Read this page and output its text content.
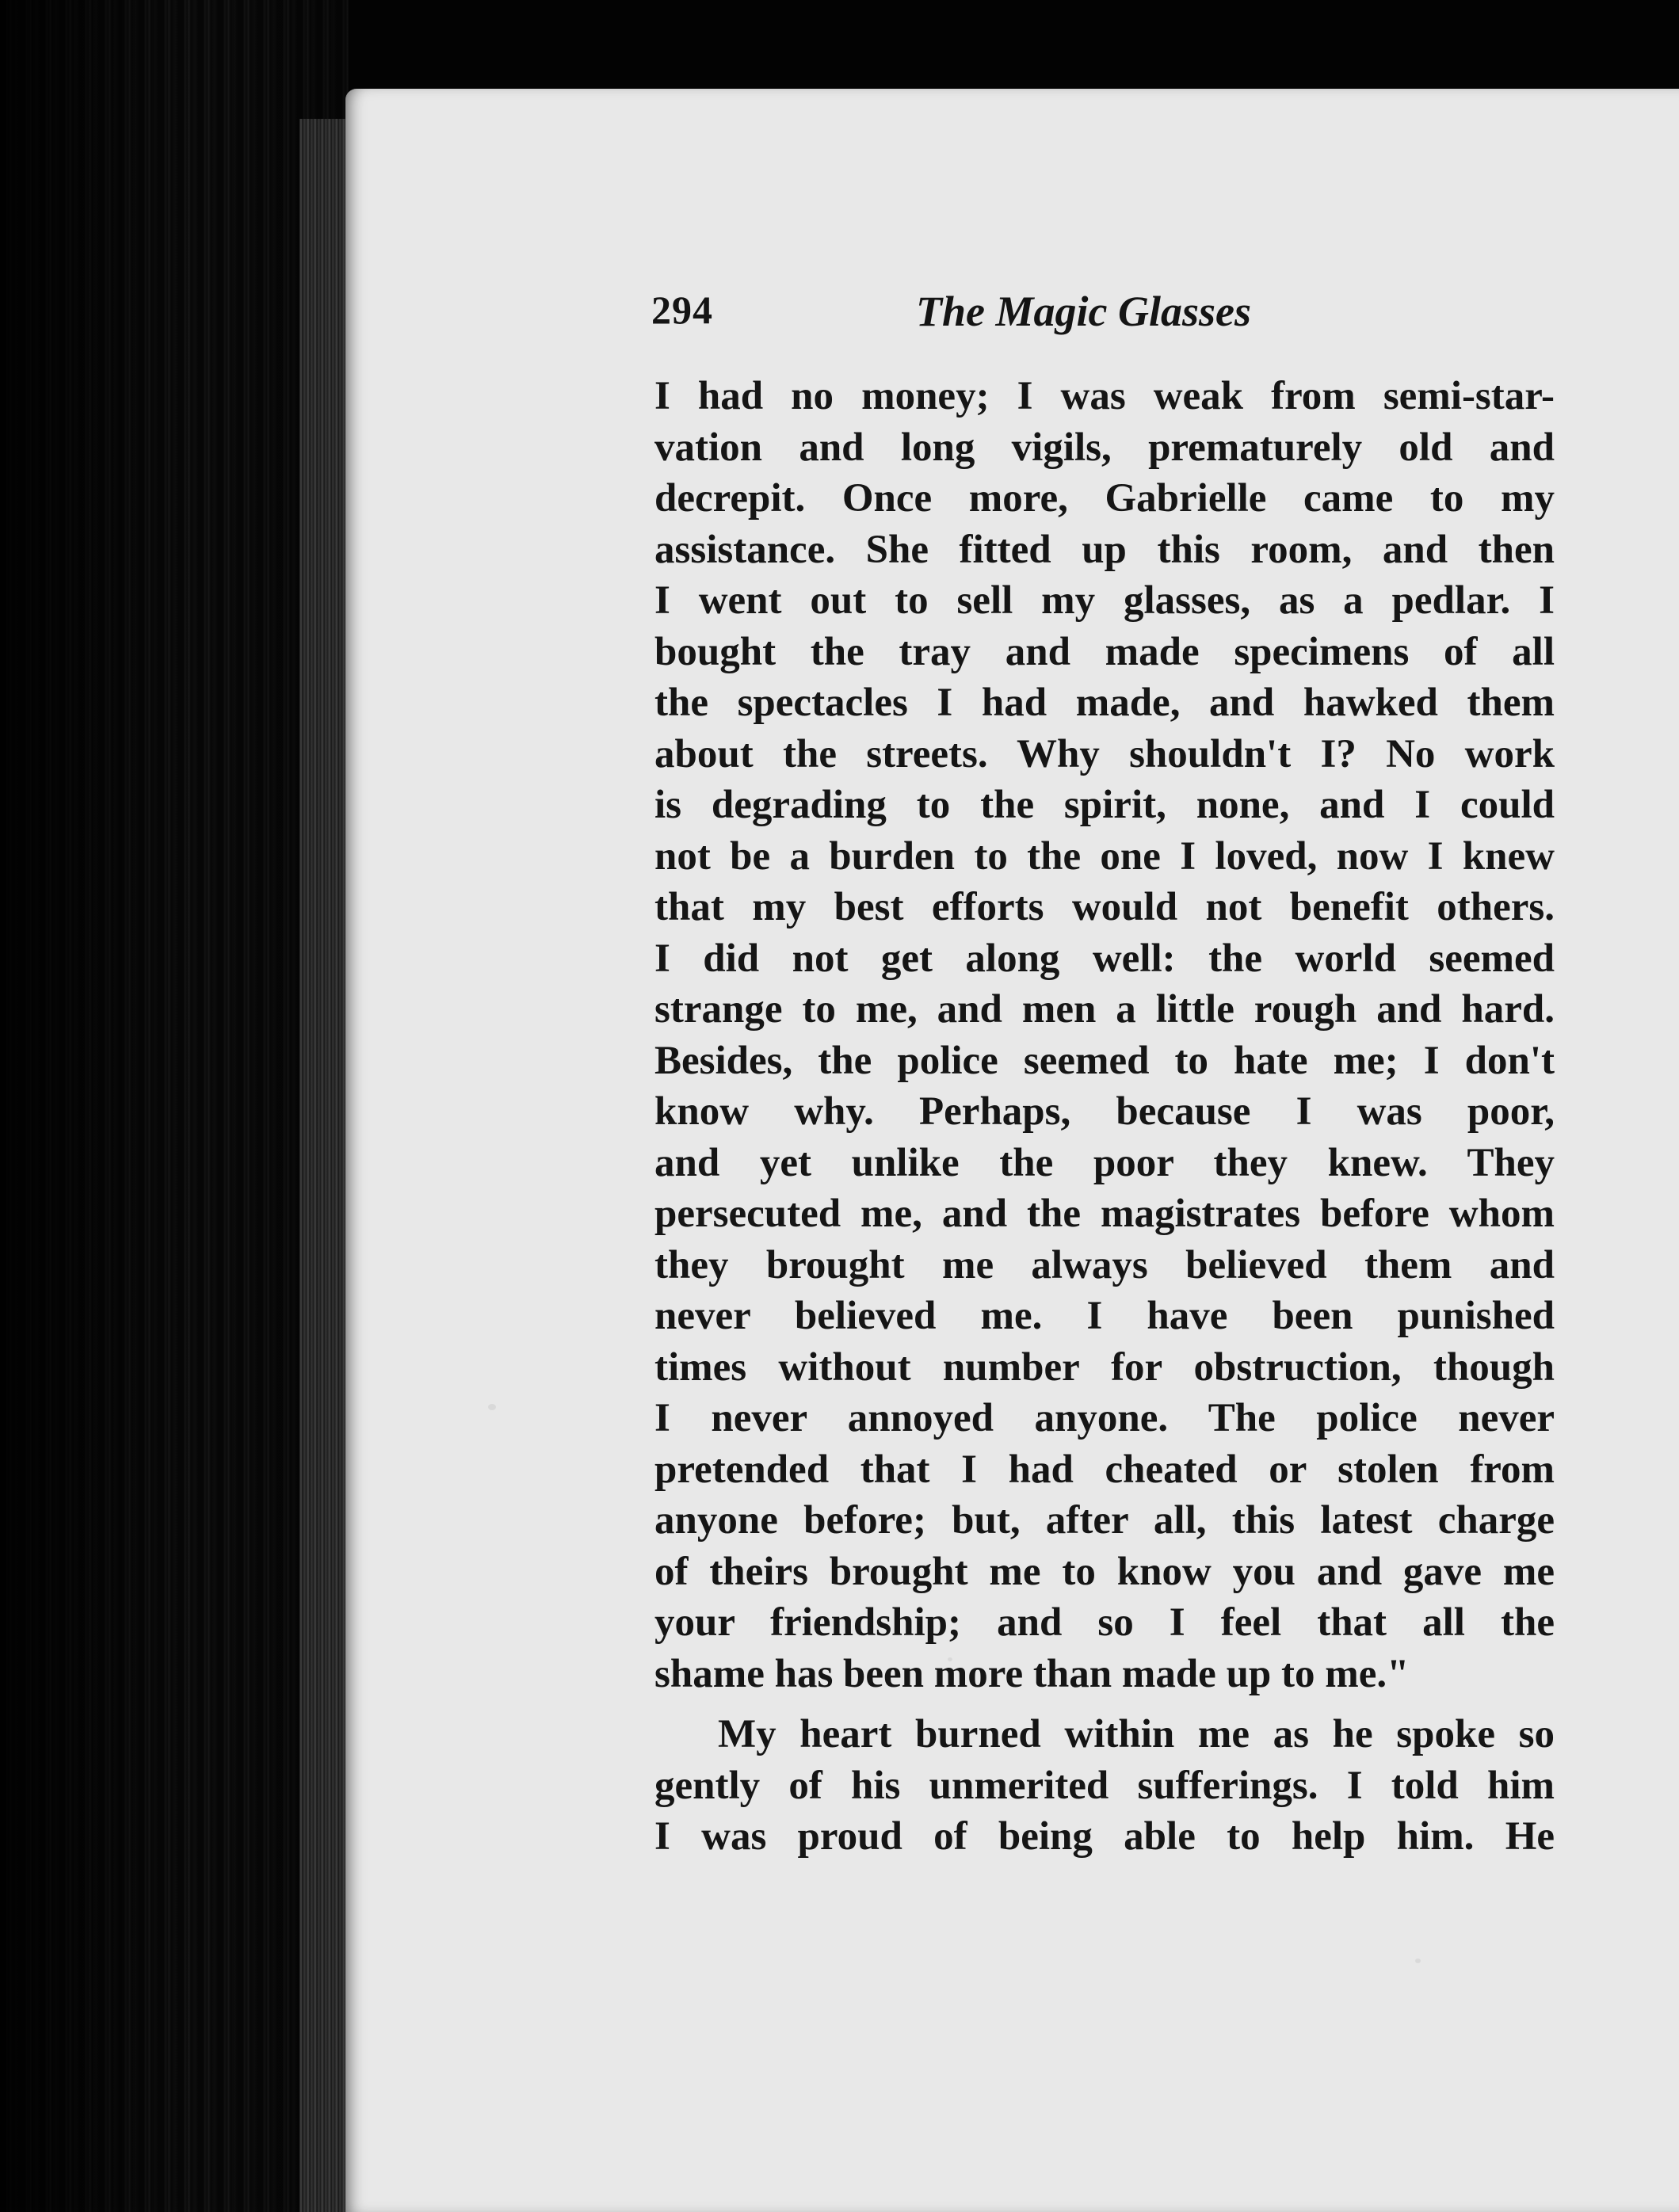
294	The Magic Glasses
I had no money; I was weak from semi-star-
vation and long vigils, prematurely old and
decrepit. Once more, Gabrielle came to my
assistance. She fitted up this room, and then
I went out to sell my glasses, as a pedlar. I
bought the tray and made specimens of all
the spectacles I had made, and hawked them
about the streets. Why shouldn't I? No work
is degrading to the spirit, none, and I could
not be a burden to the one I loved, now I knew
that my best efforts would not benefit others.
I did not get along well: the world seemed
strange to me, and men a little rough and hard.
Besides, the police seemed to hate me; I don't
know why. Perhaps, because I was poor,
and yet unlike the poor they knew. They
persecuted me, and the magistrates before whom
they brought me always believed them and
never believed me. I have been punished
times without number for obstruction, though
I never annoyed anyone. The police never
pretended that I had cheated or stolen from
anyone before; but, after all, this latest charge
of theirs brought me to know you and gave me
your friendship; and so I feel that all the
shame has been more than made up to me."
My heart burned within me as he spoke so
gently of his unmerited sufferings. I told him
I was proud of being able to help him. He
